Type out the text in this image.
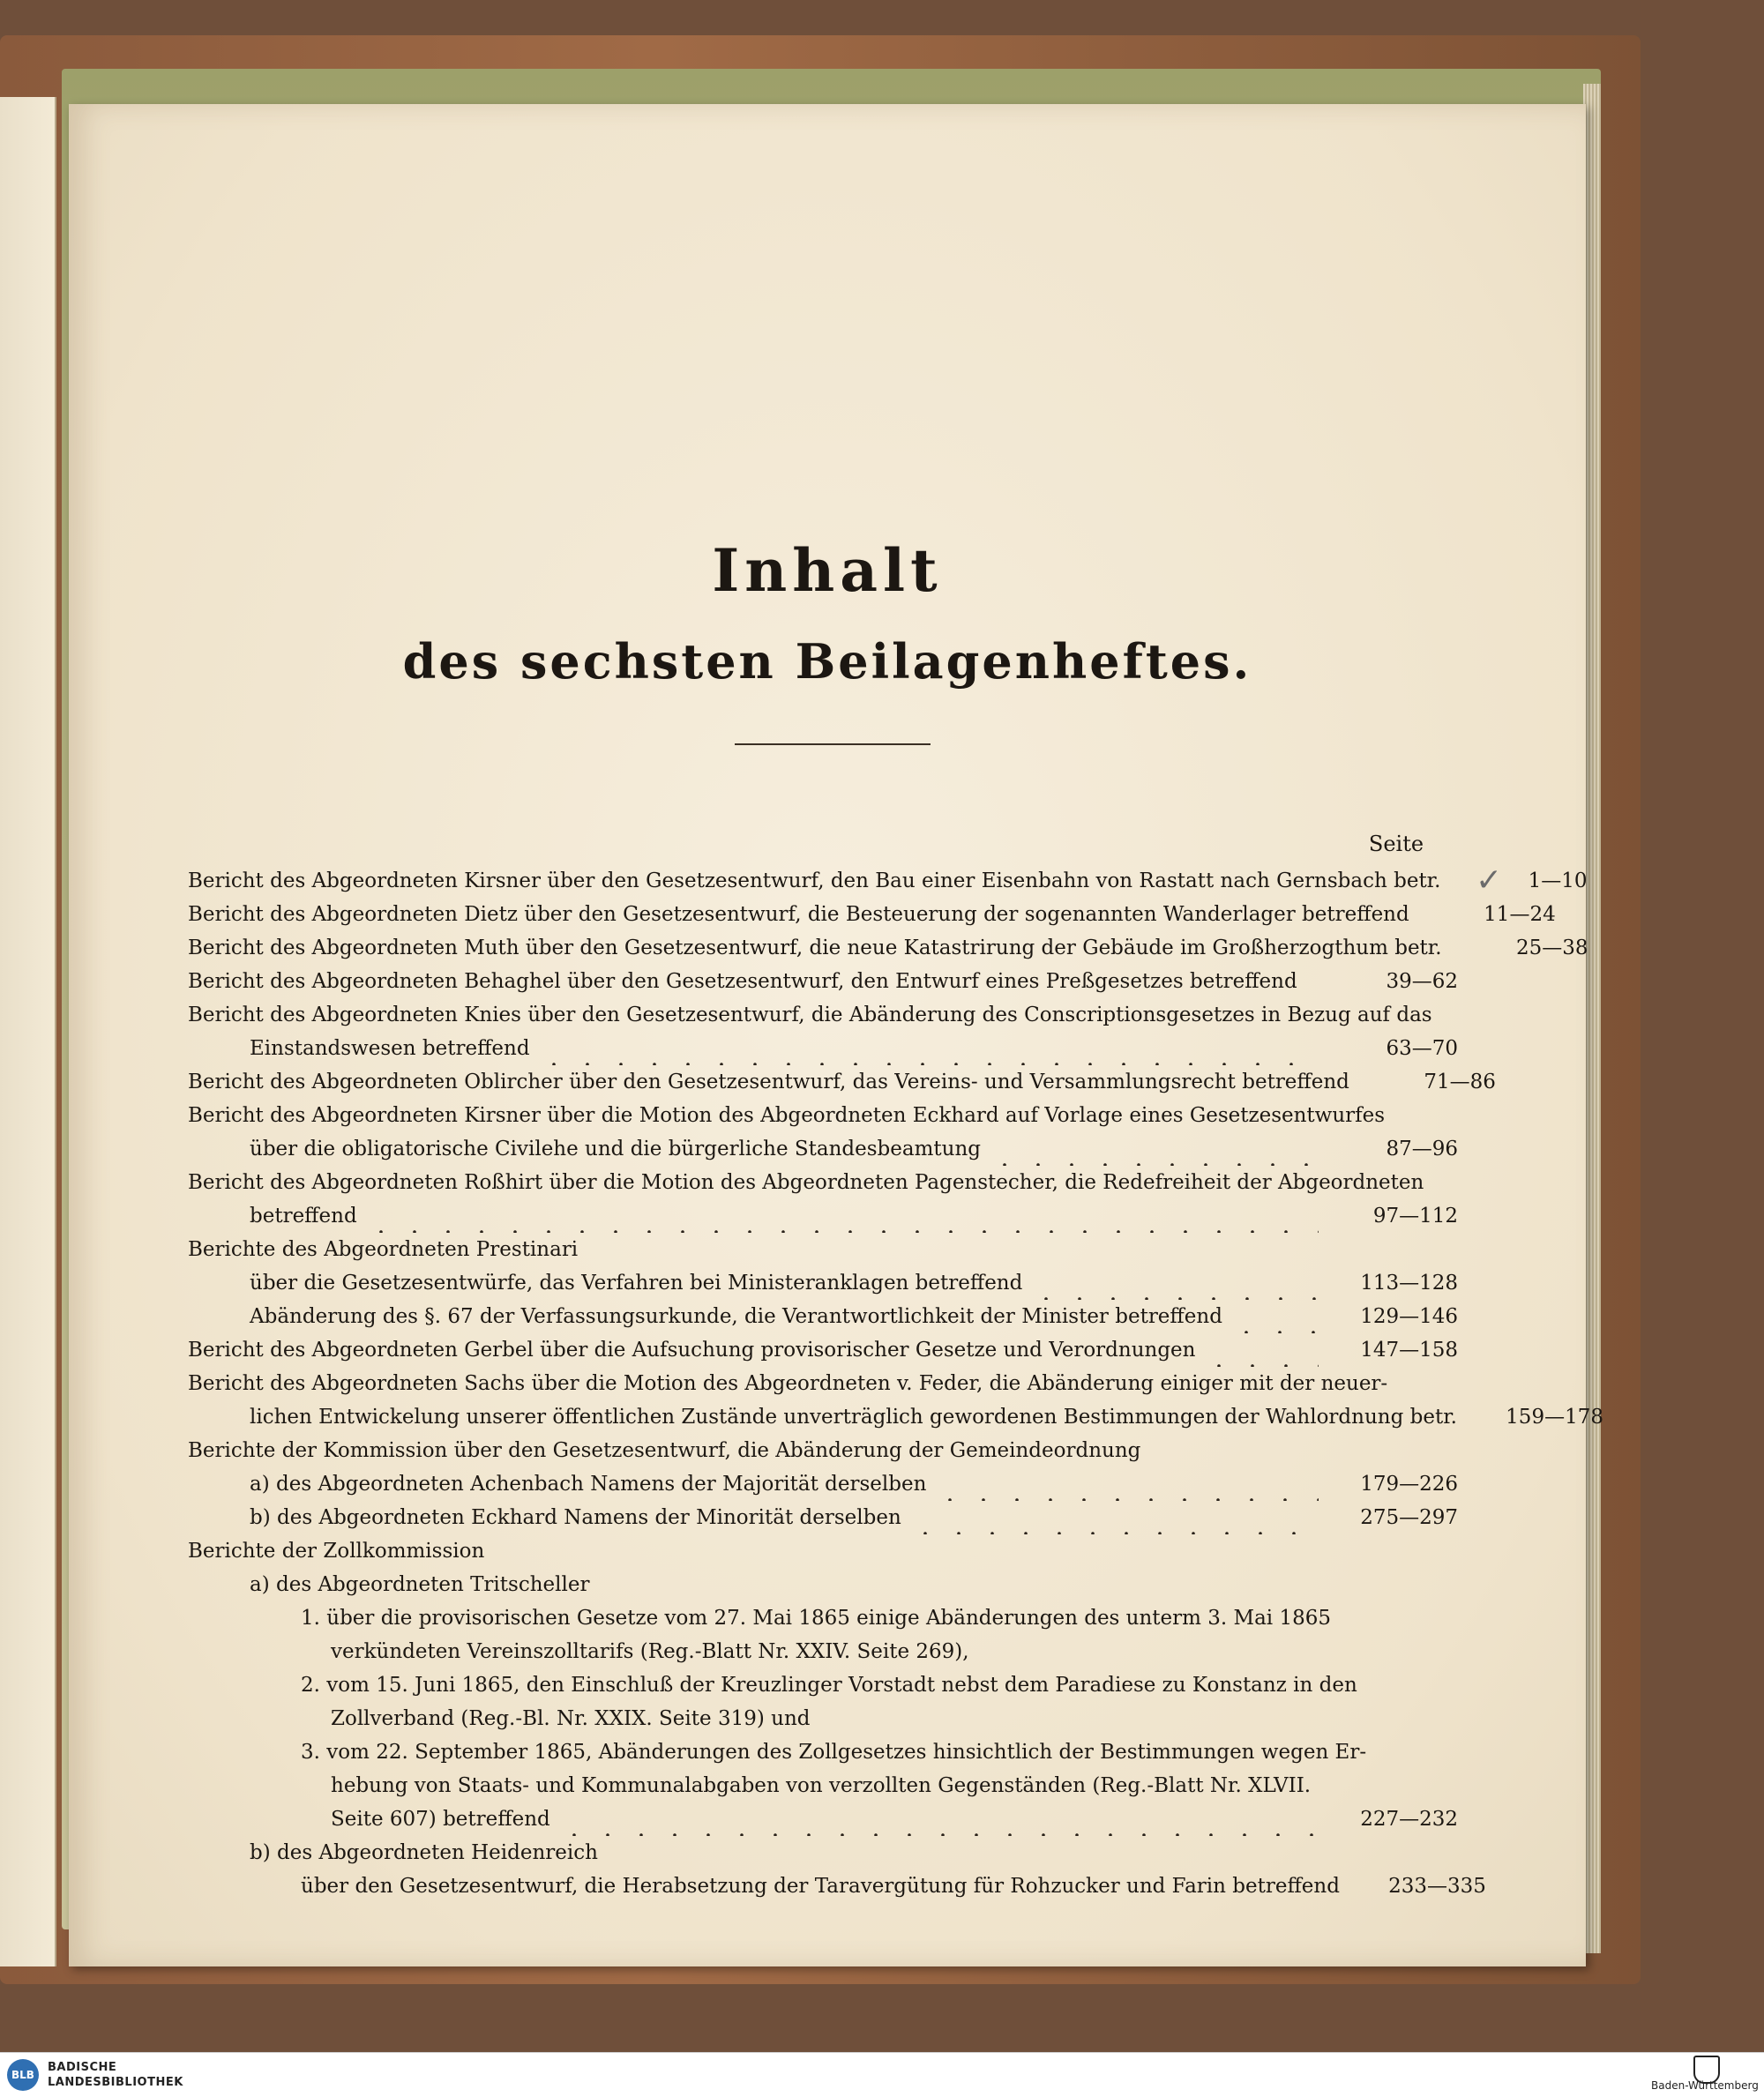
Inhalt
des sechsten Beilagenheftes.
Seite
✓
Bericht des Abgeordneten Kirsner über den Gesetzesentwurf, den Bau einer Eisenbahn von Rastatt nach Gernsbach betr.	1—10
Bericht des Abgeordneten Dietz über den Gesetzesentwurf, die Besteuerung der sogenannten Wanderlager betreffend	11—24
Bericht des Abgeordneten Muth über den Gesetzesentwurf, die neue Katastrirung der Gebäude im Großherzogthum betr.	25—38
Bericht des Abgeordneten Behaghel über den Gesetzesentwurf, den Entwurf eines Preßgesetzes betreffend	39—62
Bericht des Abgeordneten Knies über den Gesetzesentwurf, die Abänderung des Conscriptionsgesetzes in Bezug auf das
Einstandswesen betreffend	63—70
Bericht des Abgeordneten Oblircher über den Gesetzesentwurf, das Vereins- und Versammlungsrecht betreffend	71—86
Bericht des Abgeordneten Kirsner über die Motion des Abgeordneten Eckhard auf Vorlage eines Gesetzesentwurfes
über die obligatorische Civilehe und die bürgerliche Standesbeamtung	87—96
Bericht des Abgeordneten Roßhirt über die Motion des Abgeordneten Pagenstecher, die Redefreiheit der Abgeordneten
betreffend	97—112
Berichte des Abgeordneten Prestinari
über die Gesetzesentwürfe, das Verfahren bei Ministeranklagen betreffend	113—128
Abänderung des §. 67 der Verfassungsurkunde, die Verantwortlichkeit der Minister betreffend	129—146
Bericht des Abgeordneten Gerbel über die Aufsuchung provisorischer Gesetze und Verordnungen	147—158
Bericht des Abgeordneten Sachs über die Motion des Abgeordneten v. Feder, die Abänderung einiger mit der neuer-
lichen Entwickelung unserer öffentlichen Zustände unverträglich gewordenen Bestimmungen der Wahlordnung betr.	159—178
Berichte der Kommission über den Gesetzesentwurf, die Abänderung der Gemeindeordnung
a) des Abgeordneten Achenbach Namens der Majorität derselben	179—226
b) des Abgeordneten Eckhard Namens der Minorität derselben	275—297
Berichte der Zollkommission
a) des Abgeordneten Tritscheller
1. über die provisorischen Gesetze vom 27. Mai 1865 einige Abänderungen des unterm 3. Mai 1865
verkündeten Vereinszolltarifs (Reg.-Blatt Nr. XXIV. Seite 269),
2. vom 15. Juni 1865, den Einschluß der Kreuzlinger Vorstadt nebst dem Paradiese zu Konstanz in den
Zollverband (Reg.-Bl. Nr. XXIX. Seite 319) und
3. vom 22. September 1865, Abänderungen des Zollgesetzes hinsichtlich der Bestimmungen wegen Er-
hebung von Staats- und Kommunalabgaben von verzollten Gegenständen (Reg.-Blatt Nr. XLVII.
Seite 607) betreffend	227—232
b) des Abgeordneten Heidenreich
über den Gesetzesentwurf, die Herabsetzung der Taravergütung für Rohzucker und Farin betreffend	233—335
BLB
BADISCHE
LANDESBIBLIOTHEK	Baden-Württemberg
